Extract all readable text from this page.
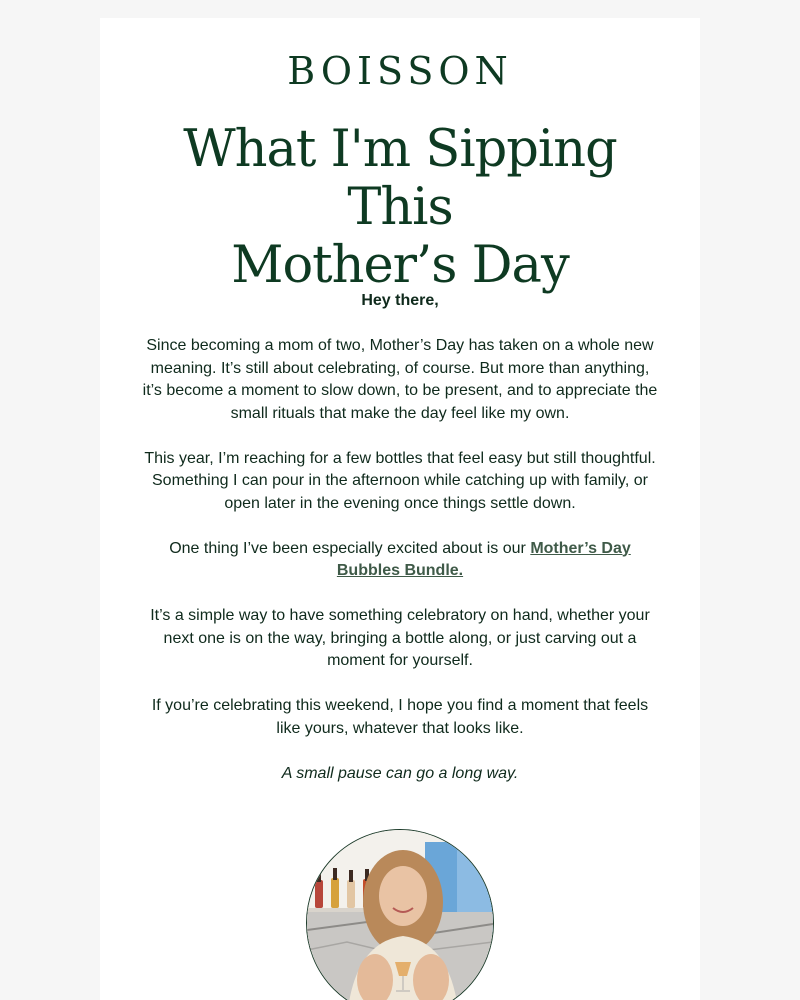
BOISSON
What I'm Sipping This
Mother’s Day

Hey there,

Since becoming a mom of two, Mother’s Day has taken on a whole new meaning. It’s still about celebrating, of course. But more than anything, it’s become a moment to slow down, to be present, and to appreciate the small rituals that make the day feel like my own.

This year, I’m reaching for a few bottles that feel easy but still thoughtful. Something I can pour in the afternoon while catching up with family, or open later in the evening once things settle down.

One thing I’ve been especially excited about is our Mother’s Day Bubbles Bundle.

It’s a simple way to have something celebratory on hand, whether your next one is on the way, bringing a bottle along, or just carving out a moment for yourself.

If you’re celebrating this weekend, I hope you find a moment that feels like yours, whatever that looks like.

A small pause can go a long way.
